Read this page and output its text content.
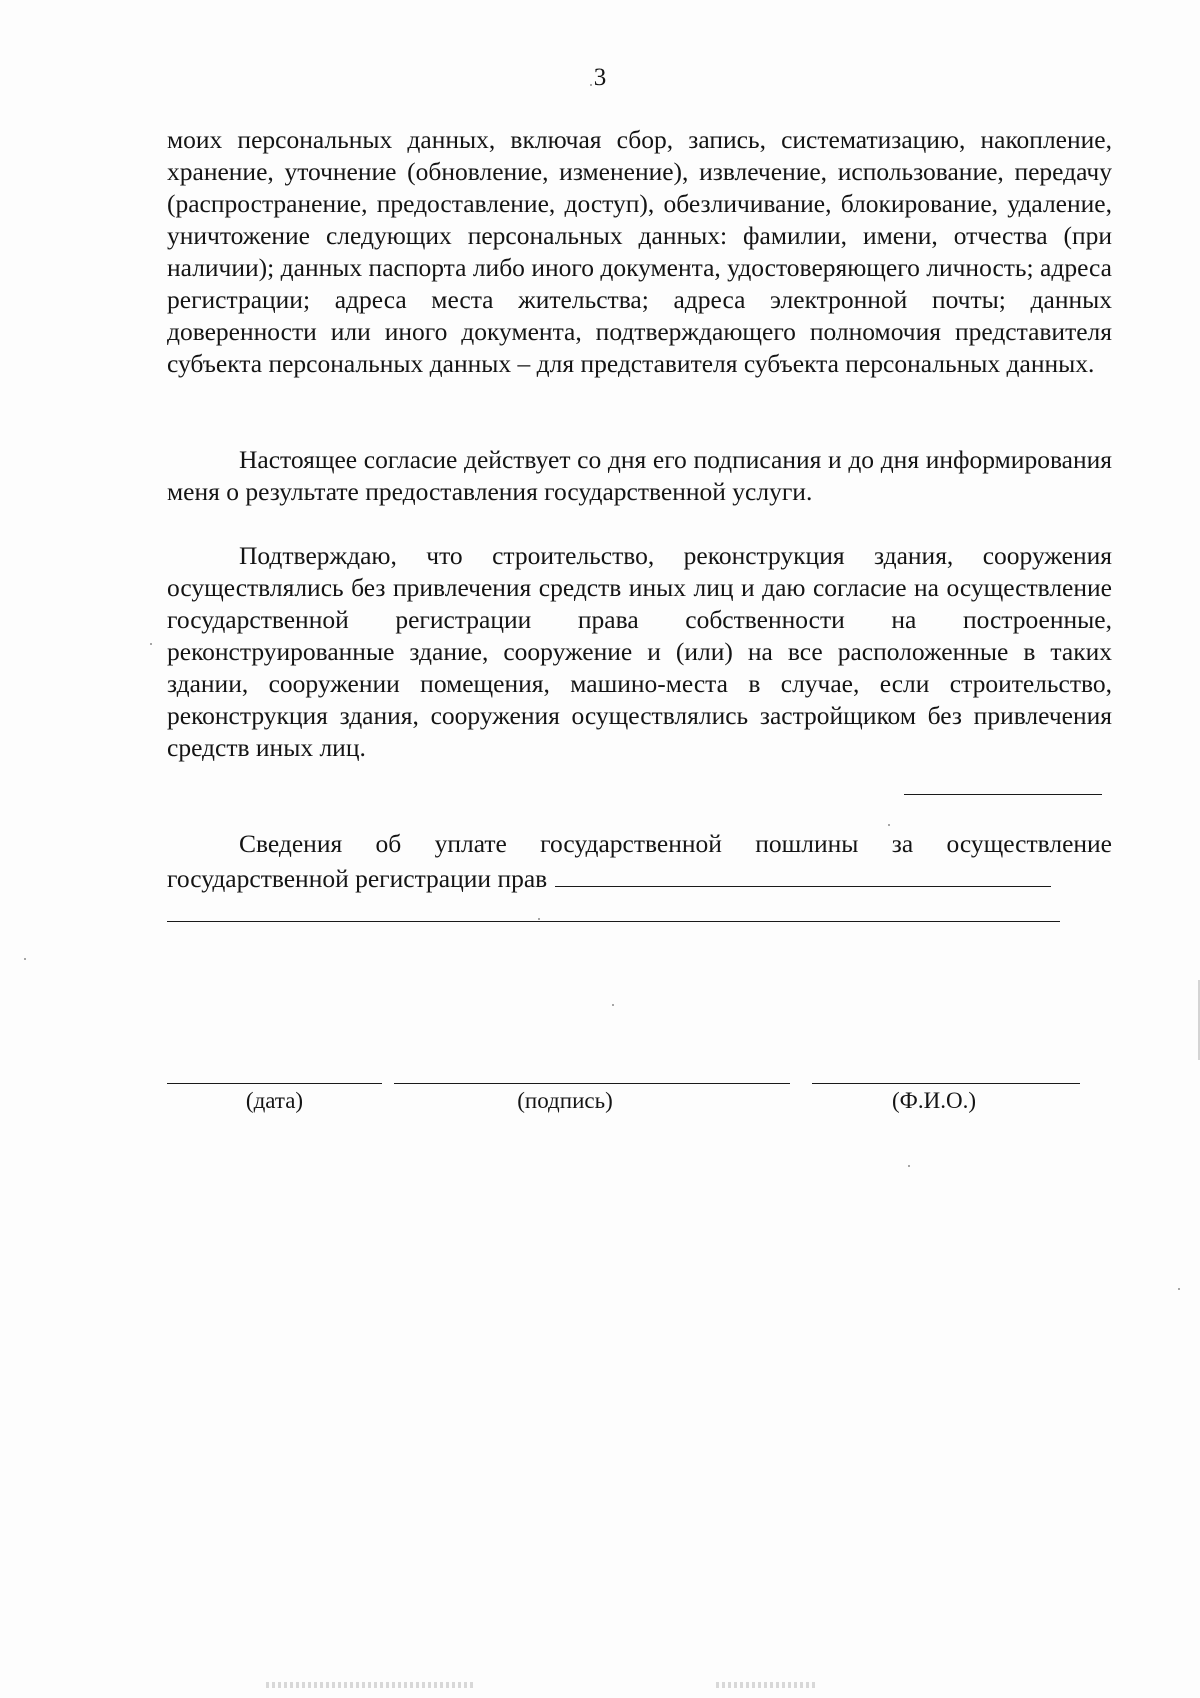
3

моих персональных данных, включая сбор, запись, систематизацию, накопление, хранение, уточнение (обновление, изменение), извлечение, использование, передачу (распространение, предоставление, доступ), обезличивание, блокирование, удаление, уничтожение следующих персональных данных: фамилии, имени, отчества (при наличии); данных паспорта либо иного документа, удостоверяющего личность; адреса регистрации; адреса места жительства; адреса электронной почты; данных доверенности или иного документа, подтверждающего полномочия представителя субъекта персональных данных – для представителя субъекта персональных данных.

Настоящее согласие действует со дня его подписания и до дня информирования меня о результате предоставления государственной услуги.

Подтверждаю, что строительство, реконструкция здания, сооружения осуществлялись без привлечения средств иных лиц и даю согласие на осуществление государственной регистрации права собственности на построенные, реконструированные здание, сооружение и (или) на все расположенные в таких здании, сооружении помещения, машино-места в случае, если строительство, реконструкция здания, сооружения осуществлялись застройщиком без привлечения средств иных лиц.

Сведения об уплате государственной пошлины за осуществление государственной регистрации прав

(дата)	(подпись)	(Ф.И.О.)
